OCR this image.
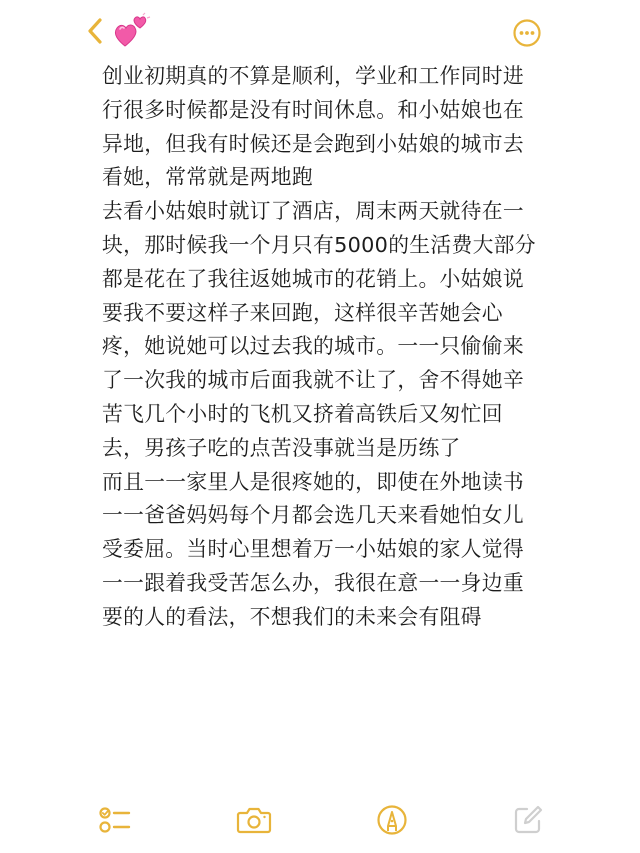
创业初期真的不算是顺利，学业和工作同时进行很多时候都是没有时间休息。和小姑娘也在异地，但我有时候还是会跑到小姑娘的城市去看她，常常就是两地跑

去看小姑娘时就订了酒店，周末两天就待在一块，那时候我一个月只有5000的生活费大部分都是花在了我往返她城市的花销上。小姑娘说要我不要这样子来回跑，这样很辛苦她会心疼，她说她可以过去我的城市。一一只偷偷来了一次我的城市后面我就不让了，舍不得她辛苦飞几个小时的飞机又挤着高铁后又匆忙回去，男孩子吃的点苦没事就当是历练了

而且一一家里人是很疼她的，即使在外地读书一一爸爸妈妈每个月都会选几天来看她怕女儿受委屈。当时心里想着万一小姑娘的家人觉得一一跟着我受苦怎么办，我很在意一一身边重要的人的看法，不想我们的未来会有阻碍
